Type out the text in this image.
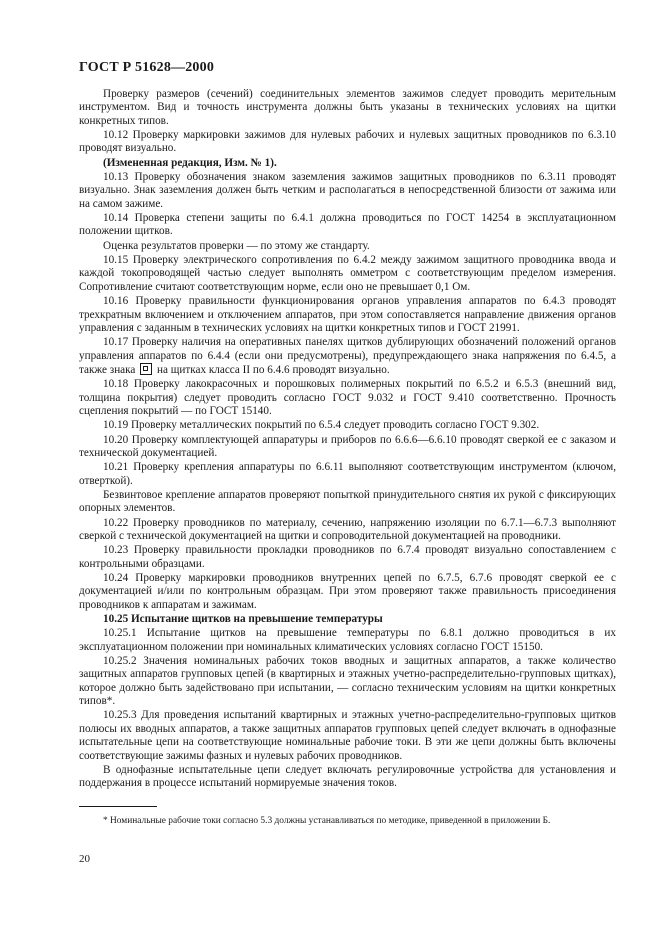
ГОСТ Р 51628—2000

Проверку размеров (сечений) соединительных элементов зажимов следует проводить мерительным инструментом. Вид и точность инструмента должны быть указаны в технических условиях на щитки конкретных типов.

10.12 Проверку маркировки зажимов для нулевых рабочих и нулевых защитных проводников по 6.3.10 проводят визуально.

(Измененная редакция, Изм. № 1).

10.13 Проверку обозначения знаком заземления зажимов защитных проводников по 6.3.11 проводят визуально. Знак заземления должен быть четким и располагаться в непосредственной близости от зажима или на самом зажиме.

10.14 Проверка степени защиты по 6.4.1 должна проводиться по ГОСТ 14254 в эксплуатационном положении щитков.

Оценка результатов проверки — по этому же стандарту.

10.15 Проверку электрического сопротивления по 6.4.2 между зажимом защитного проводника ввода и каждой токопроводящей частью следует выполнять омметром с соответствующим пределом измерения. Сопротивление считают соответствующим норме, если оно не превышает 0,1 Ом.

10.16 Проверку правильности функционирования органов управления аппаратов по 6.4.3 проводят трехкратным включением и отключением аппаратов, при этом сопоставляется направление движения органов управления с заданным в технических условиях на щитки конкретных типов и ГОСТ 21991.

10.17 Проверку наличия на оперативных панелях щитков дублирующих обозначений положений органов управления аппаратов по 6.4.4 (если они предусмотрены), предупреждающего знака напряжения по 6.4.5, а также знака на щитках класса II по 6.4.6 проводят визуально.

10.18 Проверку лакокрасочных и порошковых полимерных покрытий по 6.5.2 и 6.5.3 (внешний вид, толщина покрытия) следует проводить согласно ГОСТ 9.032 и ГОСТ 9.410 соответственно. Прочность сцепления покрытий — по ГОСТ 15140.

10.19 Проверку металлических покрытий по 6.5.4 следует проводить согласно ГОСТ 9.302.

10.20 Проверку комплектующей аппаратуры и приборов по 6.6.6—6.6.10 проводят сверкой ее с заказом и технической документацией.

10.21 Проверку крепления аппаратуры по 6.6.11 выполняют соответствующим инструментом (ключом, отверткой).

Безвинтовое крепление аппаратов проверяют попыткой принудительного снятия их рукой с фиксирующих опорных элементов.

10.22 Проверку проводников по материалу, сечению, напряжению изоляции по 6.7.1—6.7.3 выполняют сверкой с технической документацией на щитки и сопроводительной документацией на проводники.

10.23 Проверку правильности прокладки проводников по 6.7.4 проводят визуально сопоставлением с контрольными образцами.

10.24 Проверку маркировки проводников внутренних цепей по 6.7.5, 6.7.6 проводят сверкой ее с документацией и/или по контрольным образцам. При этом проверяют также правильность присоединения проводников к аппаратам и зажимам.

10.25 Испытание щитков на превышение температуры

10.25.1 Испытание щитков на превышение температуры по 6.8.1 должно проводиться в их эксплуатационном положении при номинальных климатических условиях согласно ГОСТ 15150.

10.25.2 Значения номинальных рабочих токов вводных и защитных аппаратов, а также количество защитных аппаратов групповых цепей (в квартирных и этажных учетно-распределительно-групповых щитках), которое должно быть задействовано при испытании, — согласно техническим условиям на щитки конкретных типов*.

10.25.3 Для проведения испытаний квартирных и этажных учетно-распределительно-групповых щитков полюсы их вводных аппаратов, а также защитных аппаратов групповых цепей следует включать в однофазные испытательные цепи на соответствующие номинальные рабочие токи. В эти же цепи должны быть включены соответствующие зажимы фазных и нулевых рабочих проводников.

В однофазные испытательные цепи следует включать регулировочные устройства для установления и поддержания в процессе испытаний нормируемые значения токов.

* Номинальные рабочие токи согласно 5.3 должны устанавливаться по методике, приведенной в приложении Б.

20
